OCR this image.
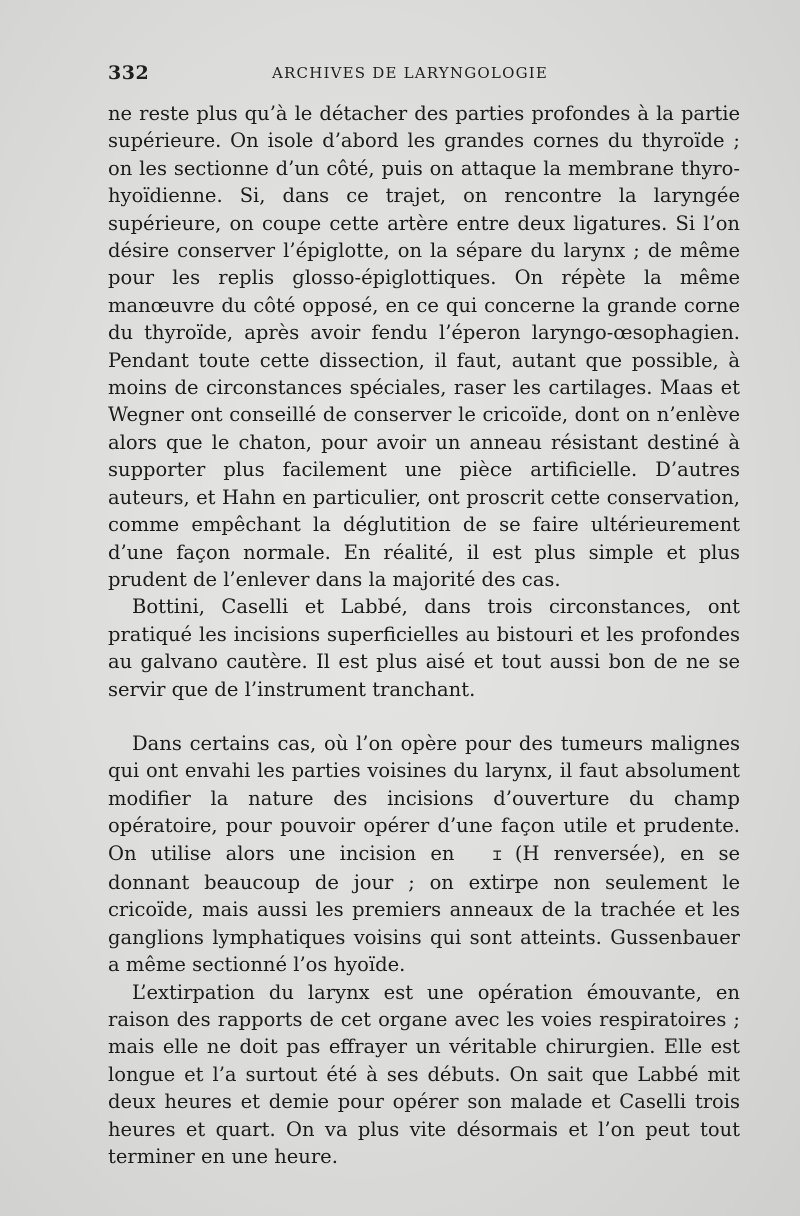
332	ARCHIVES DE LARYNGOLOGIE

ne reste plus qu’à le détacher des parties profondes à la partie supérieure. On isole d’abord les grandes cornes du thyroïde ; on les sectionne d’un côté, puis on attaque la membrane thyro-hyoïdienne. Si, dans ce trajet, on rencontre la laryngée supérieure, on coupe cette artère entre deux ligatures. Si l’on désire conserver l’épiglotte, on la sépare du larynx ; de même pour les replis glosso-épiglottiques. On répète la même manœuvre du côté opposé, en ce qui concerne la grande corne du thyroïde, après avoir fendu l’éperon laryngo-œsophagien. Pendant toute cette dissection, il faut, autant que possible, à moins de circonstances spéciales, raser les cartilages. Maas et Wegner ont conseillé de conserver le cricoïde, dont on n’enlève alors que le chaton, pour avoir un anneau résistant destiné à supporter plus facilement une pièce artificielle. D’autres auteurs, et Hahn en particulier, ont proscrit cette conservation, comme empêchant la déglutition de se faire ultérieurement d’une façon normale. En réalité, il est plus simple et plus prudent de l’enlever dans la majorité des cas.

Bottini, Caselli et Labbé, dans trois circonstances, ont pratiqué les incisions superficielles au bistouri et les profondes au galvano cautère. Il est plus aisé et tout aussi bon de ne se servir que de l’instrument tranchant.

Dans certains cas, où l’on opère pour des tumeurs malignes qui ont envahi les parties voisines du larynx, il faut absolument modifier la nature des incisions d’ouverture du champ opératoire, pour pouvoir opérer d’une façon utile et prudente. On utilise alors une incision en	⌶ (H renversée), en se donnant beaucoup de jour ; on extirpe non seulement le cricoïde, mais aussi les premiers anneaux de la trachée et les ganglions lymphatiques voisins qui sont atteints. Gussenbauer a même sectionné l’os hyoïde.

L’extirpation du larynx est une opération émouvante, en raison des rapports de cet organe avec les voies respiratoires ; mais elle ne doit pas effrayer un véritable chirurgien. Elle est longue et l’a surtout été à ses débuts. On sait que Labbé mit deux heures et demie pour opérer son malade et Caselli trois heures et quart. On va plus vite désormais et l’on peut tout terminer en une heure.
